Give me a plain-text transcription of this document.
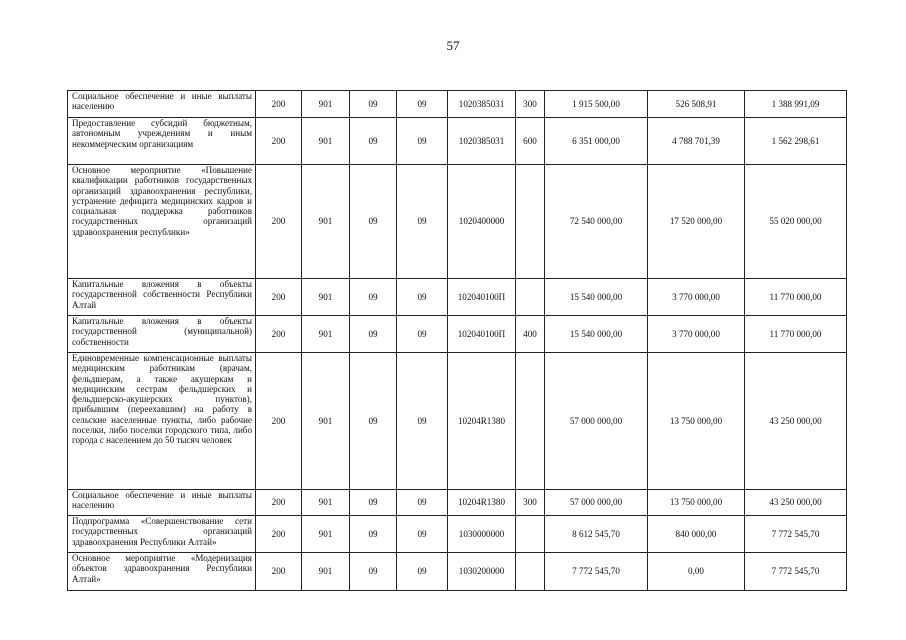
57
Социальное обеспечение и иные выплаты населению	200	901	09	09	1020385031	300	1 915 500,00	526 508,91	1 388 991,09
Предоставление субсидий бюджетным, автономным учреждениям и иным некоммерческим организациям	200	901	09	09	1020385031	600	6 351 000,00	4 788 701,39	1 562 298,61
Основное мероприятие «Повышение квалификации работников государственных организаций здравоохранения республики, устранение дефицита медицинских кадров и социальная поддержка работников государственных организаций здравоохранения республики»	200	901	09	09	1020400000		72 540 000,00	17 520 000,00	55 020 000,00
Капитальные вложения в объекты государственной собственности Республики Алтай	200	901	09	09	102040100П		15 540 000,00	3 770 000,00	11 770 000,00
Капитальные вложения в объекты государственной (муниципальной) собственности	200	901	09	09	102040100П	400	15 540 000,00	3 770 000,00	11 770 000,00
Единовременные компенсационные выплаты медицинским работникам (врачам, фельдшерам, а также акушеркам и медицинским сестрам фельдшерских и фельдшерско-акушерских пунктов), прибывшим (переехавшим) на работу в сельские населенные пункты, либо рабочие поселки, либо поселки городского типа, либо города с населением до 50 тысяч человек	200	901	09	09	10204R1380		57 000 000,00	13 750 000,00	43 250 000,00
Социальное обеспечение и иные выплаты населению	200	901	09	09	10204R1380	300	57 000 000,00	13 750 000,00	43 250 000,00
Подпрограмма «Совершенствование сети государственных организаций здравоохранения Республики Алтай»	200	901	09	09	1030000000		8 612 545,70	840 000,00	7 772 545,70
Основное мероприятие «Модернизация объектов здравоохранения Республики Алтай»	200	901	09	09	1030200000		7 772 545,70	0,00	7 772 545,70
